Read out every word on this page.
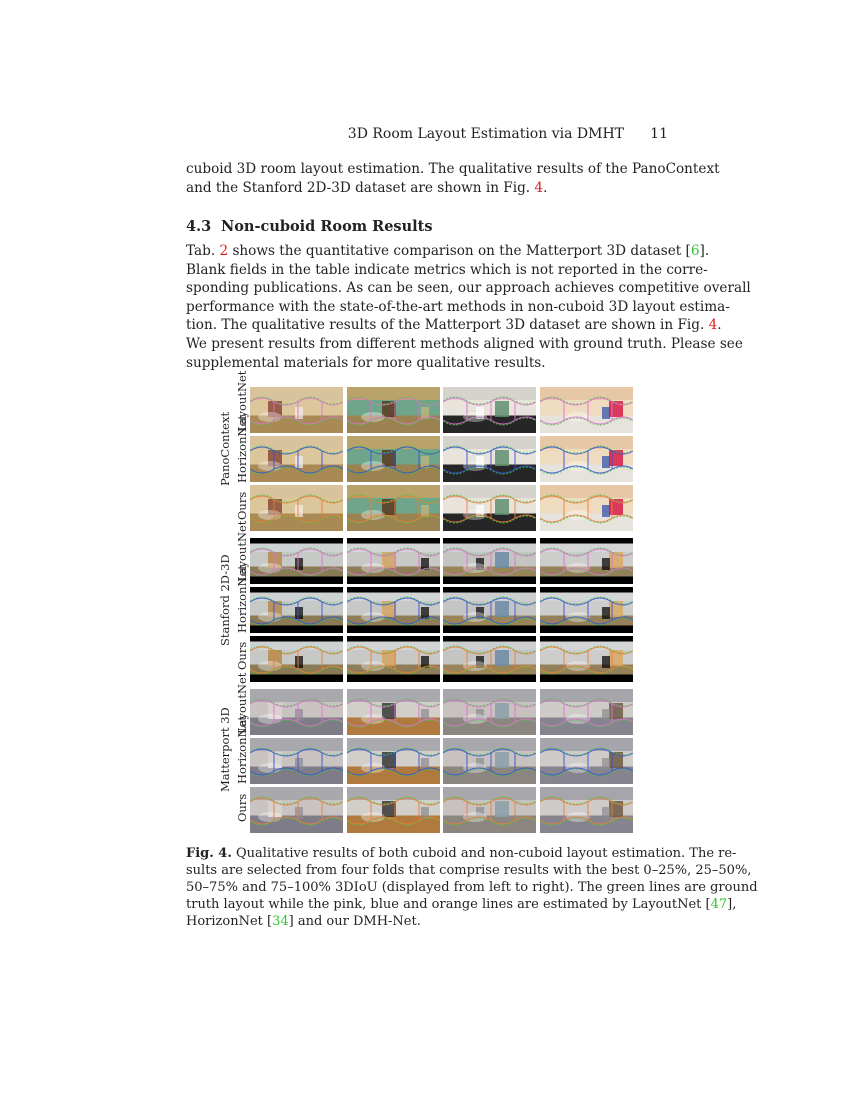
3D Room Layout Estimation via DMHT 11
cuboid 3D room layout estimation. The qualitative results of the PanoContext
and the Stanford 2D-3D dataset are shown in Fig. 4.
4.3 Non-cuboid Room Results
Tab. 2 shows the quantitative comparison on the Matterport 3D dataset [6].
Blank fields in the table indicate metrics which is not reported in the corre-
sponding publications. As can be seen, our approach achieves competitive overall
performance with the state-of-the-art methods in non-cuboid 3D layout estima-
tion. The qualitative results of the Matterport 3D dataset are shown in Fig. 4.
We present results from different methods aligned with ground truth. Please see
supplemental materials for more qualitative results.
PanoContext
Stanford 2D-3D
Matterport 3D
LayoutNet
HorizonNet
Ours
LayoutNet
HorizonNet
Ours
LayoutNet
HorizonNet
Ours
Fig. 4. Qualitative results of both cuboid and non-cuboid layout estimation. The re-
sults are selected from four folds that comprise results with the best 0–25%, 25–50%,
50–75% and 75–100% 3DIoU (displayed from left to right). The green lines are ground
truth layout while the pink, blue and orange lines are estimated by LayoutNet [47],
HorizonNet [34] and our DMH-Net.
